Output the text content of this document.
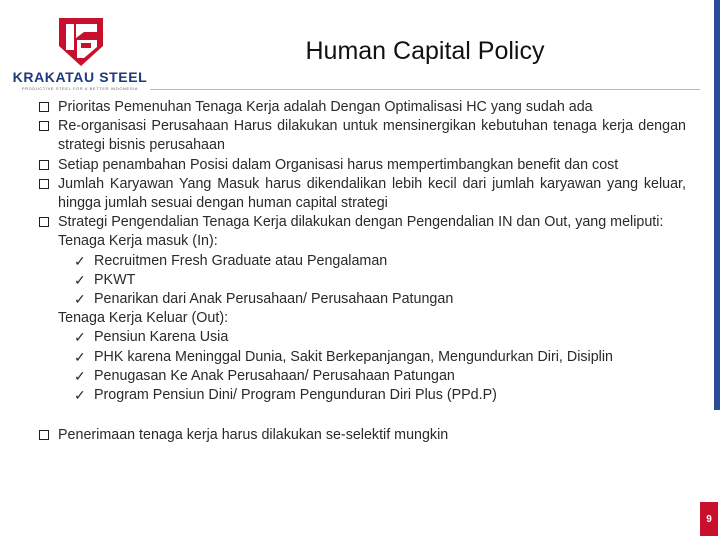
KRAKATAU STEEL
PRODUCTIVE STEEL FOR A BETTER INDONESIA
Human Capital Policy
Prioritas Pemenuhan Tenaga Kerja adalah Dengan Optimalisasi HC yang sudah ada
Re-organisasi Perusahaan Harus dilakukan untuk mensinergikan kebutuhan tenaga kerja dengan strategi bisnis perusahaan
Setiap penambahan Posisi dalam Organisasi harus mempertimbangkan benefit dan cost
Jumlah Karyawan Yang Masuk harus dikendalikan lebih kecil dari jumlah karyawan yang keluar, hingga jumlah sesuai dengan human capital strategi
Strategi Pengendalian Tenaga Kerja dilakukan dengan Pengendalian IN dan Out, yang meliputi:
Tenaga Kerja masuk (In):
✓ Recruitmen Fresh Graduate atau Pengalaman
✓ PKWT
✓ Penarikan dari Anak Perusahaan/ Perusahaan Patungan
Tenaga Kerja Keluar (Out):
✓ Pensiun Karena Usia
✓ PHK karena Meninggal Dunia, Sakit Berkepanjangan, Mengundurkan Diri, Disiplin
✓ Penugasan Ke Anak Perusahaan/ Perusahaan Patungan
✓ Program Pensiun Dini/ Program Pengunduran Diri Plus (PPd.P)
Penerimaan tenaga kerja harus dilakukan se-selektif mungkin
9
